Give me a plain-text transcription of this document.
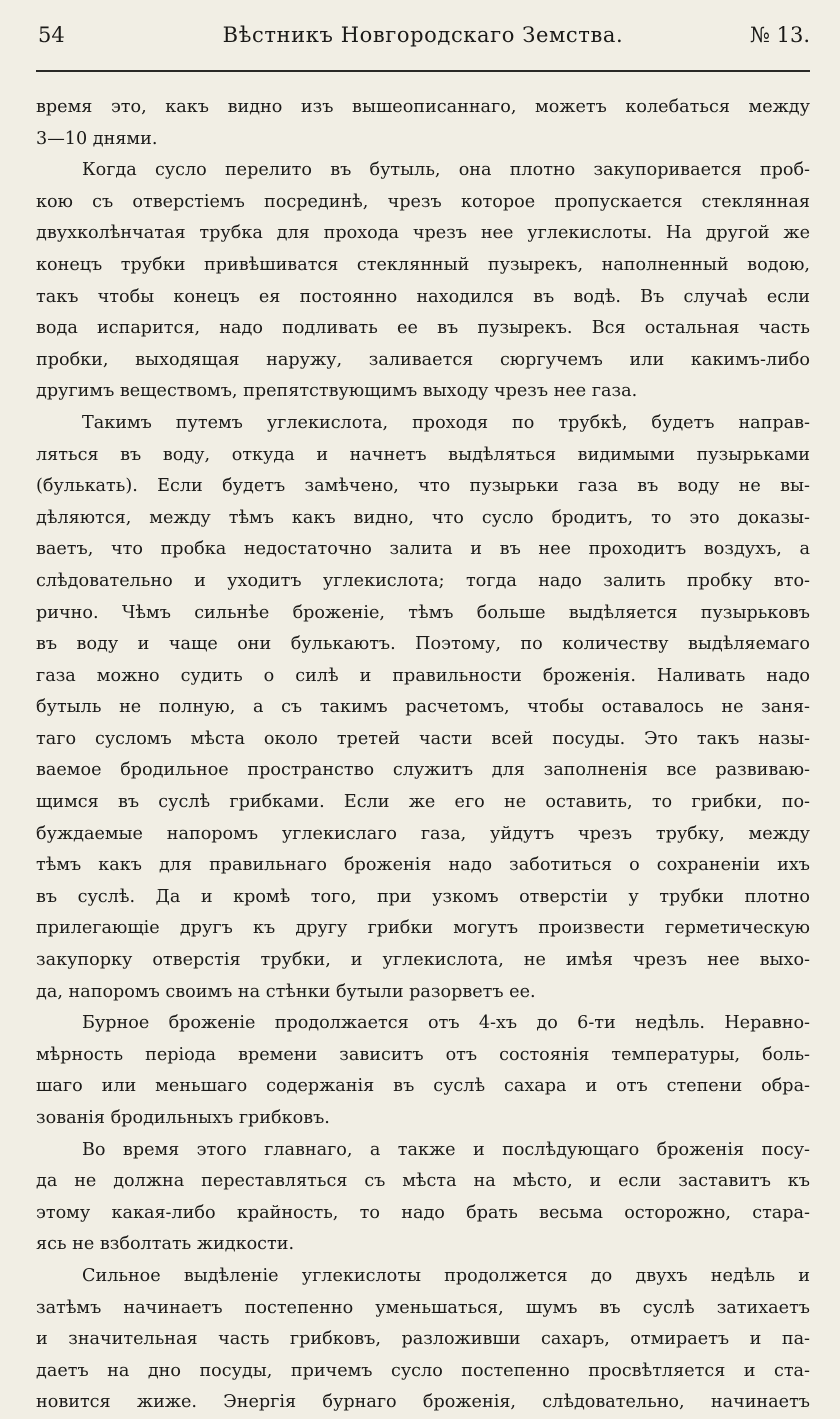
54	Вѣстникъ Новгородскаго Земства.	№ 13.
время это, какъ видно изъ вышеописаннаго, можетъ колебаться между
3—10 днями.
Когда сусло перелито въ бутыль, она плотно закупоривается проб-
кою съ отверстіемъ посрединѣ, чрезъ которое пропускается стеклянная
двухколѣнчатая трубка для прохода чрезъ нее углекислоты. На другой же
конецъ трубки привѣшиватся стеклянный пузырекъ, наполненный водою,
такъ чтобы конецъ ея постоянно находился въ водѣ. Въ случаѣ если
вода испарится, надо подливать ее въ пузырекъ. Вся остальная часть
пробки, выходящая наружу, заливается сюргучемъ или какимъ-либо
другимъ веществомъ, препятствующимъ выходу чрезъ нее газа.
Такимъ путемъ углекислота, проходя по трубкѣ, будетъ направ-
ляться въ воду, откуда и начнетъ выдѣляться видимыми пузырьками
(булькать). Если будетъ замѣчено, что пузырьки газа въ воду не вы-
дѣляются, между тѣмъ какъ видно, что сусло бродитъ, то это доказы-
ваетъ, что пробка недостаточно залита и въ нее проходитъ воздухъ, а
слѣдовательно и уходитъ углекислота; тогда надо залить пробку вто-
рично. Чѣмъ сильнѣе броженіе, тѣмъ больше выдѣляется пузырьковъ
въ воду и чаще они булькаютъ. Поэтому, по количеству выдѣляемаго
газа можно судить о силѣ и правильности броженія. Наливать надо
бутыль не полную, а съ такимъ расчетомъ, чтобы оставалось не заня-
таго сусломъ мѣста около третей части всей посуды. Это такъ назы-
ваемое бродильное пространство служитъ для заполненія все развиваю-
щимся въ суслѣ грибками. Если же его не оставить, то грибки, по-
буждаемые напоромъ углекислаго газа, уйдутъ чрезъ трубку, между
тѣмъ какъ для правильнаго броженія надо заботиться о сохраненіи ихъ
въ суслѣ. Да и кромѣ того, при узкомъ отверстіи у трубки плотно
прилегающіе другъ къ другу грибки могутъ произвести герметическую
закупорку отверстія трубки, и углекислота, не имѣя чрезъ нее выхо-
да, напоромъ своимъ на стѣнки бутыли разорветъ ее.
Бурное броженіе продолжается отъ 4-хъ до 6-ти недѣль. Неравно-
мѣрность періода времени зависитъ отъ состоянія температуры, боль-
шаго или меньшаго содержанія въ суслѣ сахара и отъ степени обра-
зованія бродильныхъ грибковъ.
Во время этого главнаго, а также и послѣдующаго броженія посу-
да не должна переставляться съ мѣста на мѣсто, и если заставитъ къ
этому какая-либо крайность, то надо брать весьма осторожно, стара-
ясь не взболтать жидкости.
Сильное выдѣленіе углекислоты продолжется до двухъ недѣль и
затѣмъ начинаетъ постепенно уменьшаться, шумъ въ суслѣ затихаетъ
и значительная часть грибковъ, разложивши сахаръ, отмираетъ и па-
даетъ на дно посуды, причемъ сусло постепенно просвѣтляется и ста-
новится жиже. Энергія бурнаго броженія, слѣдовательно, начинаетъ
